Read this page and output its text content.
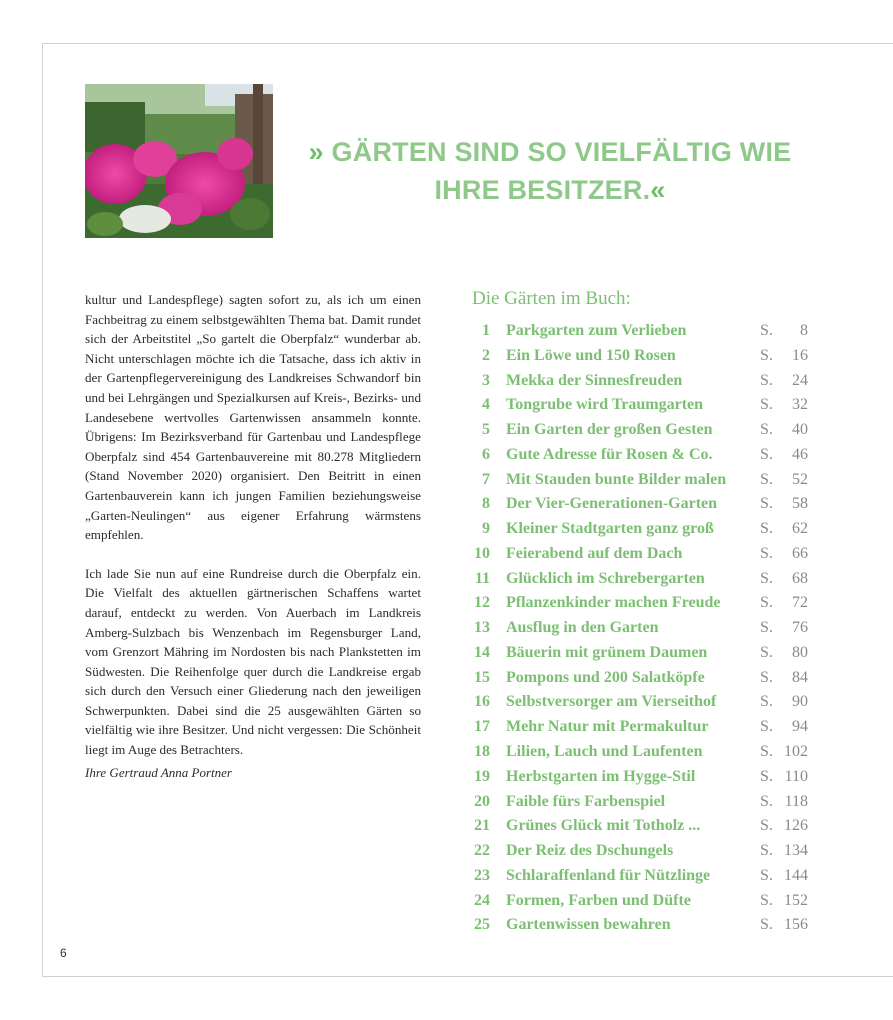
» GÄRTEN SIND SO VIELFÄLTIG WIE
IHRE BESITZER.«

kultur und Landespflege) sagten sofort zu, als ich um einen Fachbeitrag zu einem selbstgewählten Thema bat. Damit rundet sich der Arbeitstitel „So gartelt die Oberpfalz“ wunderbar ab. Nicht unterschlagen möchte ich die Tatsache, dass ich aktiv in der Gartenpflegervereinigung des Landkreises Schwandorf bin und bei Lehrgängen und Spezialkursen auf Kreis-, Bezirks- und Landesebene wertvolles Gartenwissen ansammeln konnte. Übrigens: Im Bezirksverband für Gartenbau und Landespflege Oberpfalz sind 454 Gartenbauvereine mit 80.278 Mitgliedern (Stand November 2020) organisiert. Den Beitritt in einen Gartenbauverein kann ich jungen Familien beziehungsweise „Garten-Neulingen“ aus eigener Erfahrung wärmstens empfehlen.

Ich lade Sie nun auf eine Rundreise durch die Oberpfalz ein. Die Vielfalt des aktuellen gärtnerischen Schaffens wartet darauf, entdeckt zu werden. Von Auerbach im Landkreis Amberg-Sulzbach bis Wenzenbach im Regensburger Land, vom Grenzort Mähring im Nordosten bis nach Plankstetten im Südwesten. Die Reihenfolge quer durch die Landkreise ergab sich durch den Versuch einer Gliederung nach den jeweiligen Schwerpunkten. Dabei sind die 25 ausgewählten Gärten so vielfältig wie ihre Besitzer. Und nicht vergessen: Die Schönheit liegt im Auge des Betrachters.

Ihre Gertraud Anna Portner
Die Gärten im Buch:
1 Parkgarten zum Verlieben	S. 8
2 Ein Löwe und 150 Rosen	S. 16
3 Mekka der Sinnesfreuden	S. 24
4 Tongrube wird Traumgarten	S. 32
5 Ein Garten der großen Gesten	S. 40
6 Gute Adresse für Rosen & Co.	S. 46
7 Mit Stauden bunte Bilder malen S. 52
8 Der Vier-Generationen-Garten	S. 58
9 Kleiner Stadtgarten ganz groß	S. 62
10 Feierabend auf dem Dach	S. 66
11 Glücklich im Schrebergarten	S. 68
12 Pflanzenkinder machen Freude S. 72
13 Ausflug in den Garten	S. 76
14 Bäuerin mit grünem Daumen	S. 80
15 Pompons und 200 Salatköpfe	S. 84
16 Selbstversorger am Vierseithof	S. 90
17 Mehr Natur mit Permakultur	S. 94
18 Lilien, Lauch und Laufenten	S. 102
19 Herbstgarten im Hygge-Stil	S. 110
20 Faible fürs Farbenspiel	S. 118
21 Grünes Glück mit Totholz ...	S. 126
22 Der Reiz des Dschungels	S. 134
23 Schlaraffenland für Nützlinge	S. 144
24 Formen, Farben und Düfte	S. 152
25 Gartenwissen bewahren	S. 156
6
